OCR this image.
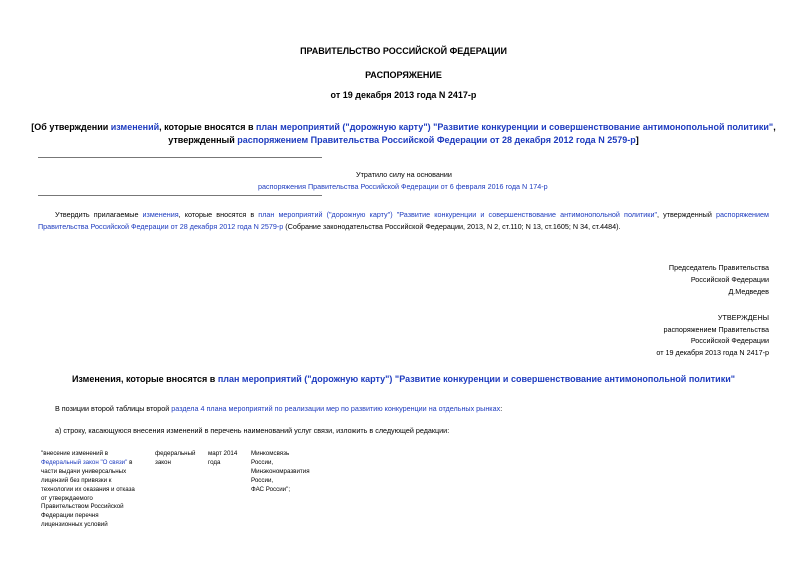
ПРАВИТЕЛЬСТВО РОССИЙСКОЙ ФЕДЕРАЦИИ
РАСПОРЯЖЕНИЕ
от 19 декабря 2013 года N 2417-р
[Об утверждении изменений, которые вносятся в план мероприятий ("дорожную карту") "Развитие конкуренции и совершенствование антимонопольной политики",
утвержденный распоряжением Правительства Российской Федерации от 28 декабря 2012 года N 2579-р]
Утратило силу на основании
распоряжения Правительства Российской Федерации от 6 февраля 2016 года N 174-р
Утвердить прилагаемые изменения, которые вносятся в план мероприятий ("дорожную карту") "Развитие конкуренции и совершенствование антимонопольной политики", утвержденный распоряжением
Правительства Российской Федерации от 28 декабря 2012 года N 2579-р (Собрание законодательства Российской Федерации, 2013, N 2, ст.110; N 13, ст.1605; N 34, ст.4484).
Председатель Правительства
Российской Федерации
Д.Медведев
УТВЕРЖДЕНЫ
распоряжением Правительства
Российской Федерации
от 19 декабря 2013 года N 2417-р
Изменения, которые вносятся в план мероприятий ("дорожную карту") "Развитие конкуренции и совершенствование антимонопольной политики"
В позиции второй таблицы второй раздела 4 плана мероприятий по реализации мер по развитию конкуренции на отдельных рынках:
а) строку, касающуюся внесения изменений в перечень наименований услуг связи, изложить в следующей редакции:
"внесение изменений в
Федеральный закон "О связи" в
части выдачи универсальных
лицензий без привязки к
технологии их оказания и отказа
от утверждаемого
Правительством Российской
Федерации перечня
лицензионных условий
федеральный
закон
март 2014
года
Минкомсвязь
России,
Минэкономразвития
России,
ФАС России";
